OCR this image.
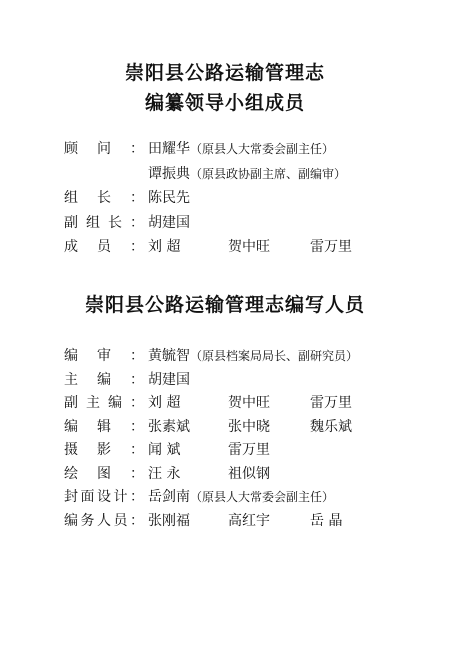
崇阳县公路运输管理志
编纂领导小组成员
顾 问 ： 田耀华（原县人大常委会副主任）
谭振典（原县政协副主席、副编审）
组 长 ： 陈民先
副 组 长 ： 胡建国
成 员 ： 刘 超	贺中旺	雷万里
崇阳县公路运输管理志编写人员
编 审 ： 黄毓智（原县档案局局长、副研究员）
主 编 ： 胡建国
副 主 编 ： 刘 超	贺中旺	雷万里
编 辑 ： 张素斌	张中晓	魏乐斌
摄 影 ： 闻 斌	雷万里
绘 图 ： 汪 永	祖似钢
封 面 设 计 ： 岳剑南（原县人大常委会副主任）
编 务 人 员 ： 张刚福	高红宇	岳 晶
